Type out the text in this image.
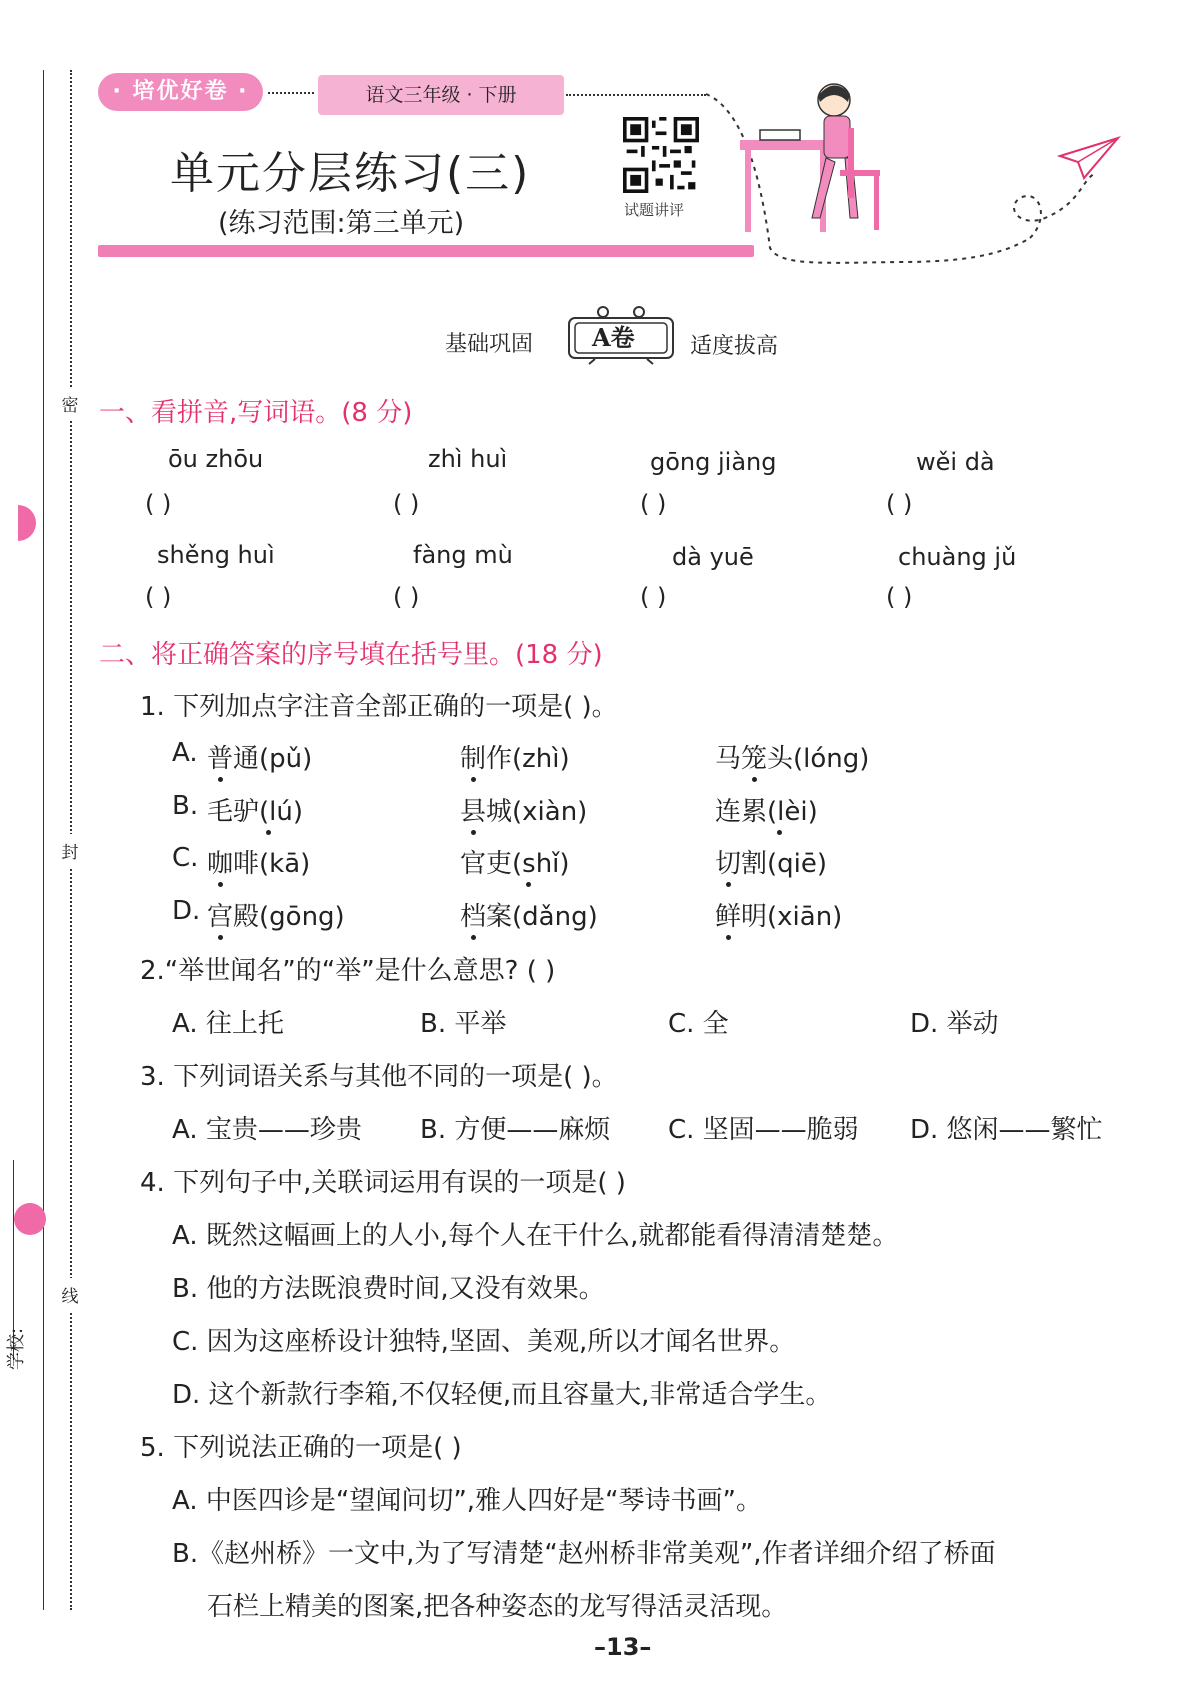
密
封
线
学校:
· 培优好卷 ·	语文三年级 · 下册
单元分层练习(三)
(练习范围:第三单元)	试题讲评
基础巩固 A卷	适度拔高
一、看拼音,写词语。(8 分)
ōu zhōu	zhì huì	gōng jiàng	wěi dà
( )	( )	( )	( )
shěng huì	fàng mù	dà yuē	chuàng jǔ
( )	( )	( )	( )
二、将正确答案的序号填在括号里。(18 分)
1. 下列加点字注音全部正确的一项是( )。
A. 普通(pǔ)	制作(zhì)	马笼头(lóng)
B. 毛驴(lú)	县城(xiàn)	连累(lèi)
C. 咖啡(kā)	官吏(shǐ)	切割(qiē)
D. 宫殿(gōng)	档案(dǎng)	鲜明(xiān)
2.“举世闻名”的“举”是什么意思? ( )
A. 往上托	B. 平举	C. 全	D. 举动
3. 下列词语关系与其他不同的一项是( )。
A. 宝贵——珍贵 B. 方便——麻烦 C. 坚固——脆弱 D. 悠闲——繁忙
4. 下列句子中,关联词运用有误的一项是( )
A. 既然这幅画上的人小,每个人在干什么,就都能看得清清楚楚。
B. 他的方法既浪费时间,又没有效果。
C. 因为这座桥设计独特,坚固、美观,所以才闻名世界。
D. 这个新款行李箱,不仅轻便,而且容量大,非常适合学生。
5. 下列说法正确的一项是( )
A. 中医四诊是“望闻问切”,雅人四好是“琴诗书画”。
B.《赵州桥》一文中,为了写清楚“赵州桥非常美观”,作者详细介绍了桥面
石栏上精美的图案,把各种姿态的龙写得活灵活现。
–13–
